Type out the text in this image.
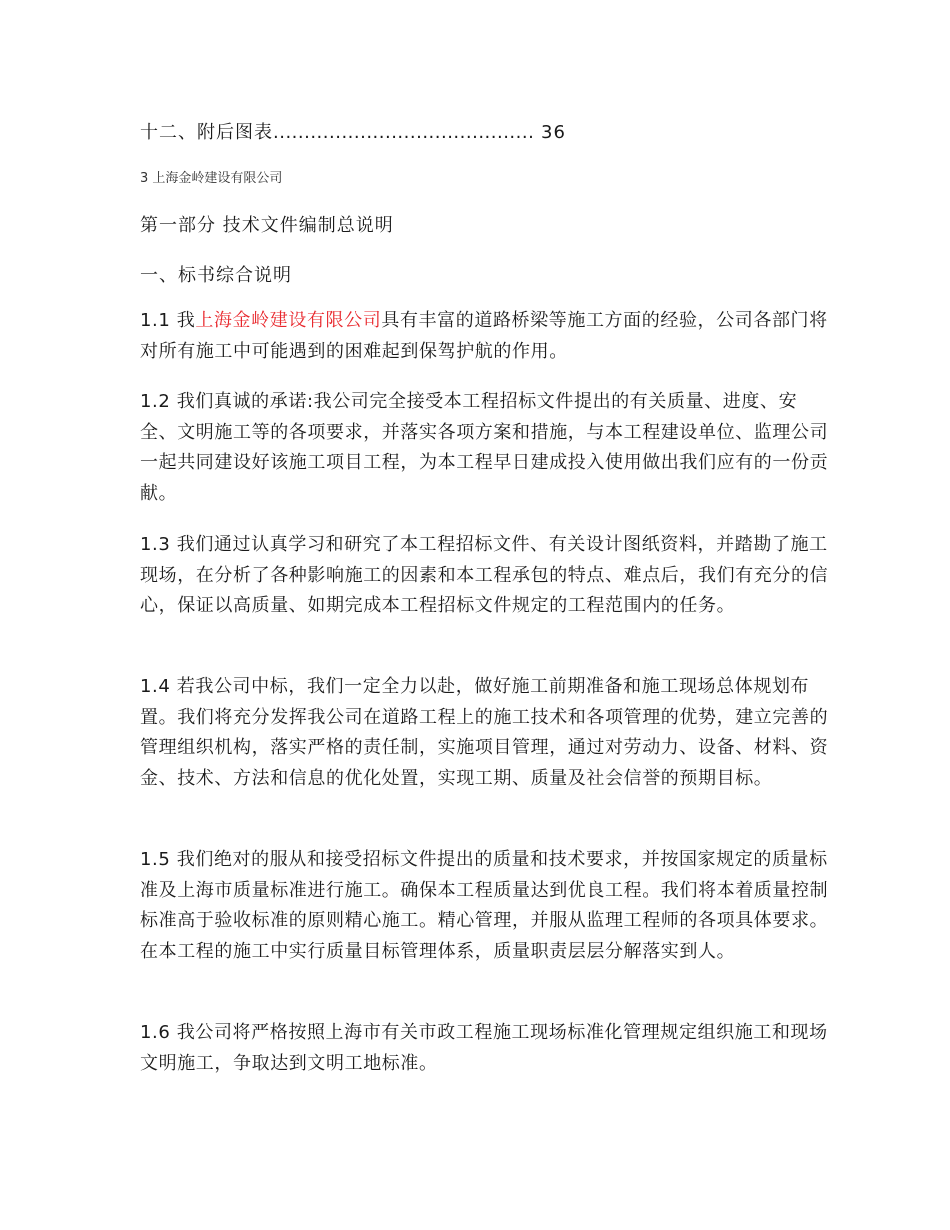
十二、附后图表.......................................... 36
3 上海金岭建设有限公司
第一部分 技术文件编制总说明
一、标书综合说明

1.1 我上海金岭建设有限公司具有丰富的道路桥梁等施工方面的经验，公司各部门将对所有施工中可能遇到的困难起到保驾护航的作用。

1.2 我们真诚的承诺:我公司完全接受本工程招标文件提出的有关质量、进度、安全、文明施工等的各项要求，并落实各项方案和措施，与本工程建设单位、监理公司一起共同建设好该施工项目工程，为本工程早日建成投入使用做出我们应有的一份贡献。

1.3 我们通过认真学习和研究了本工程招标文件、有关设计图纸资料，并踏勘了施工现场，在分析了各种影响施工的因素和本工程承包的特点、难点后，我们有充分的信心，保证以高质量、如期完成本工程招标文件规定的工程范围内的任务。

1.4 若我公司中标，我们一定全力以赴，做好施工前期准备和施工现场总体规划布置。我们将充分发挥我公司在道路工程上的施工技术和各项管理的优势，建立完善的管理组织机构，落实严格的责任制，实施项目管理，通过对劳动力、设备、材料、资金、技术、方法和信息的优化处置，实现工期、质量及社会信誉的预期目标。

1.5 我们绝对的服从和接受招标文件提出的质量和技术要求，并按国家规定的质量标准及上海市质量标准进行施工。确保本工程质量达到优良工程。我们将本着质量控制标准高于验收标准的原则精心施工。精心管理，并服从监理工程师的各项具体要求。在本工程的施工中实行质量目标管理体系，质量职责层层分解落实到人。

1.6 我公司将严格按照上海市有关市政工程施工现场标准化管理规定组织施工和现场文明施工，争取达到文明工地标准。
